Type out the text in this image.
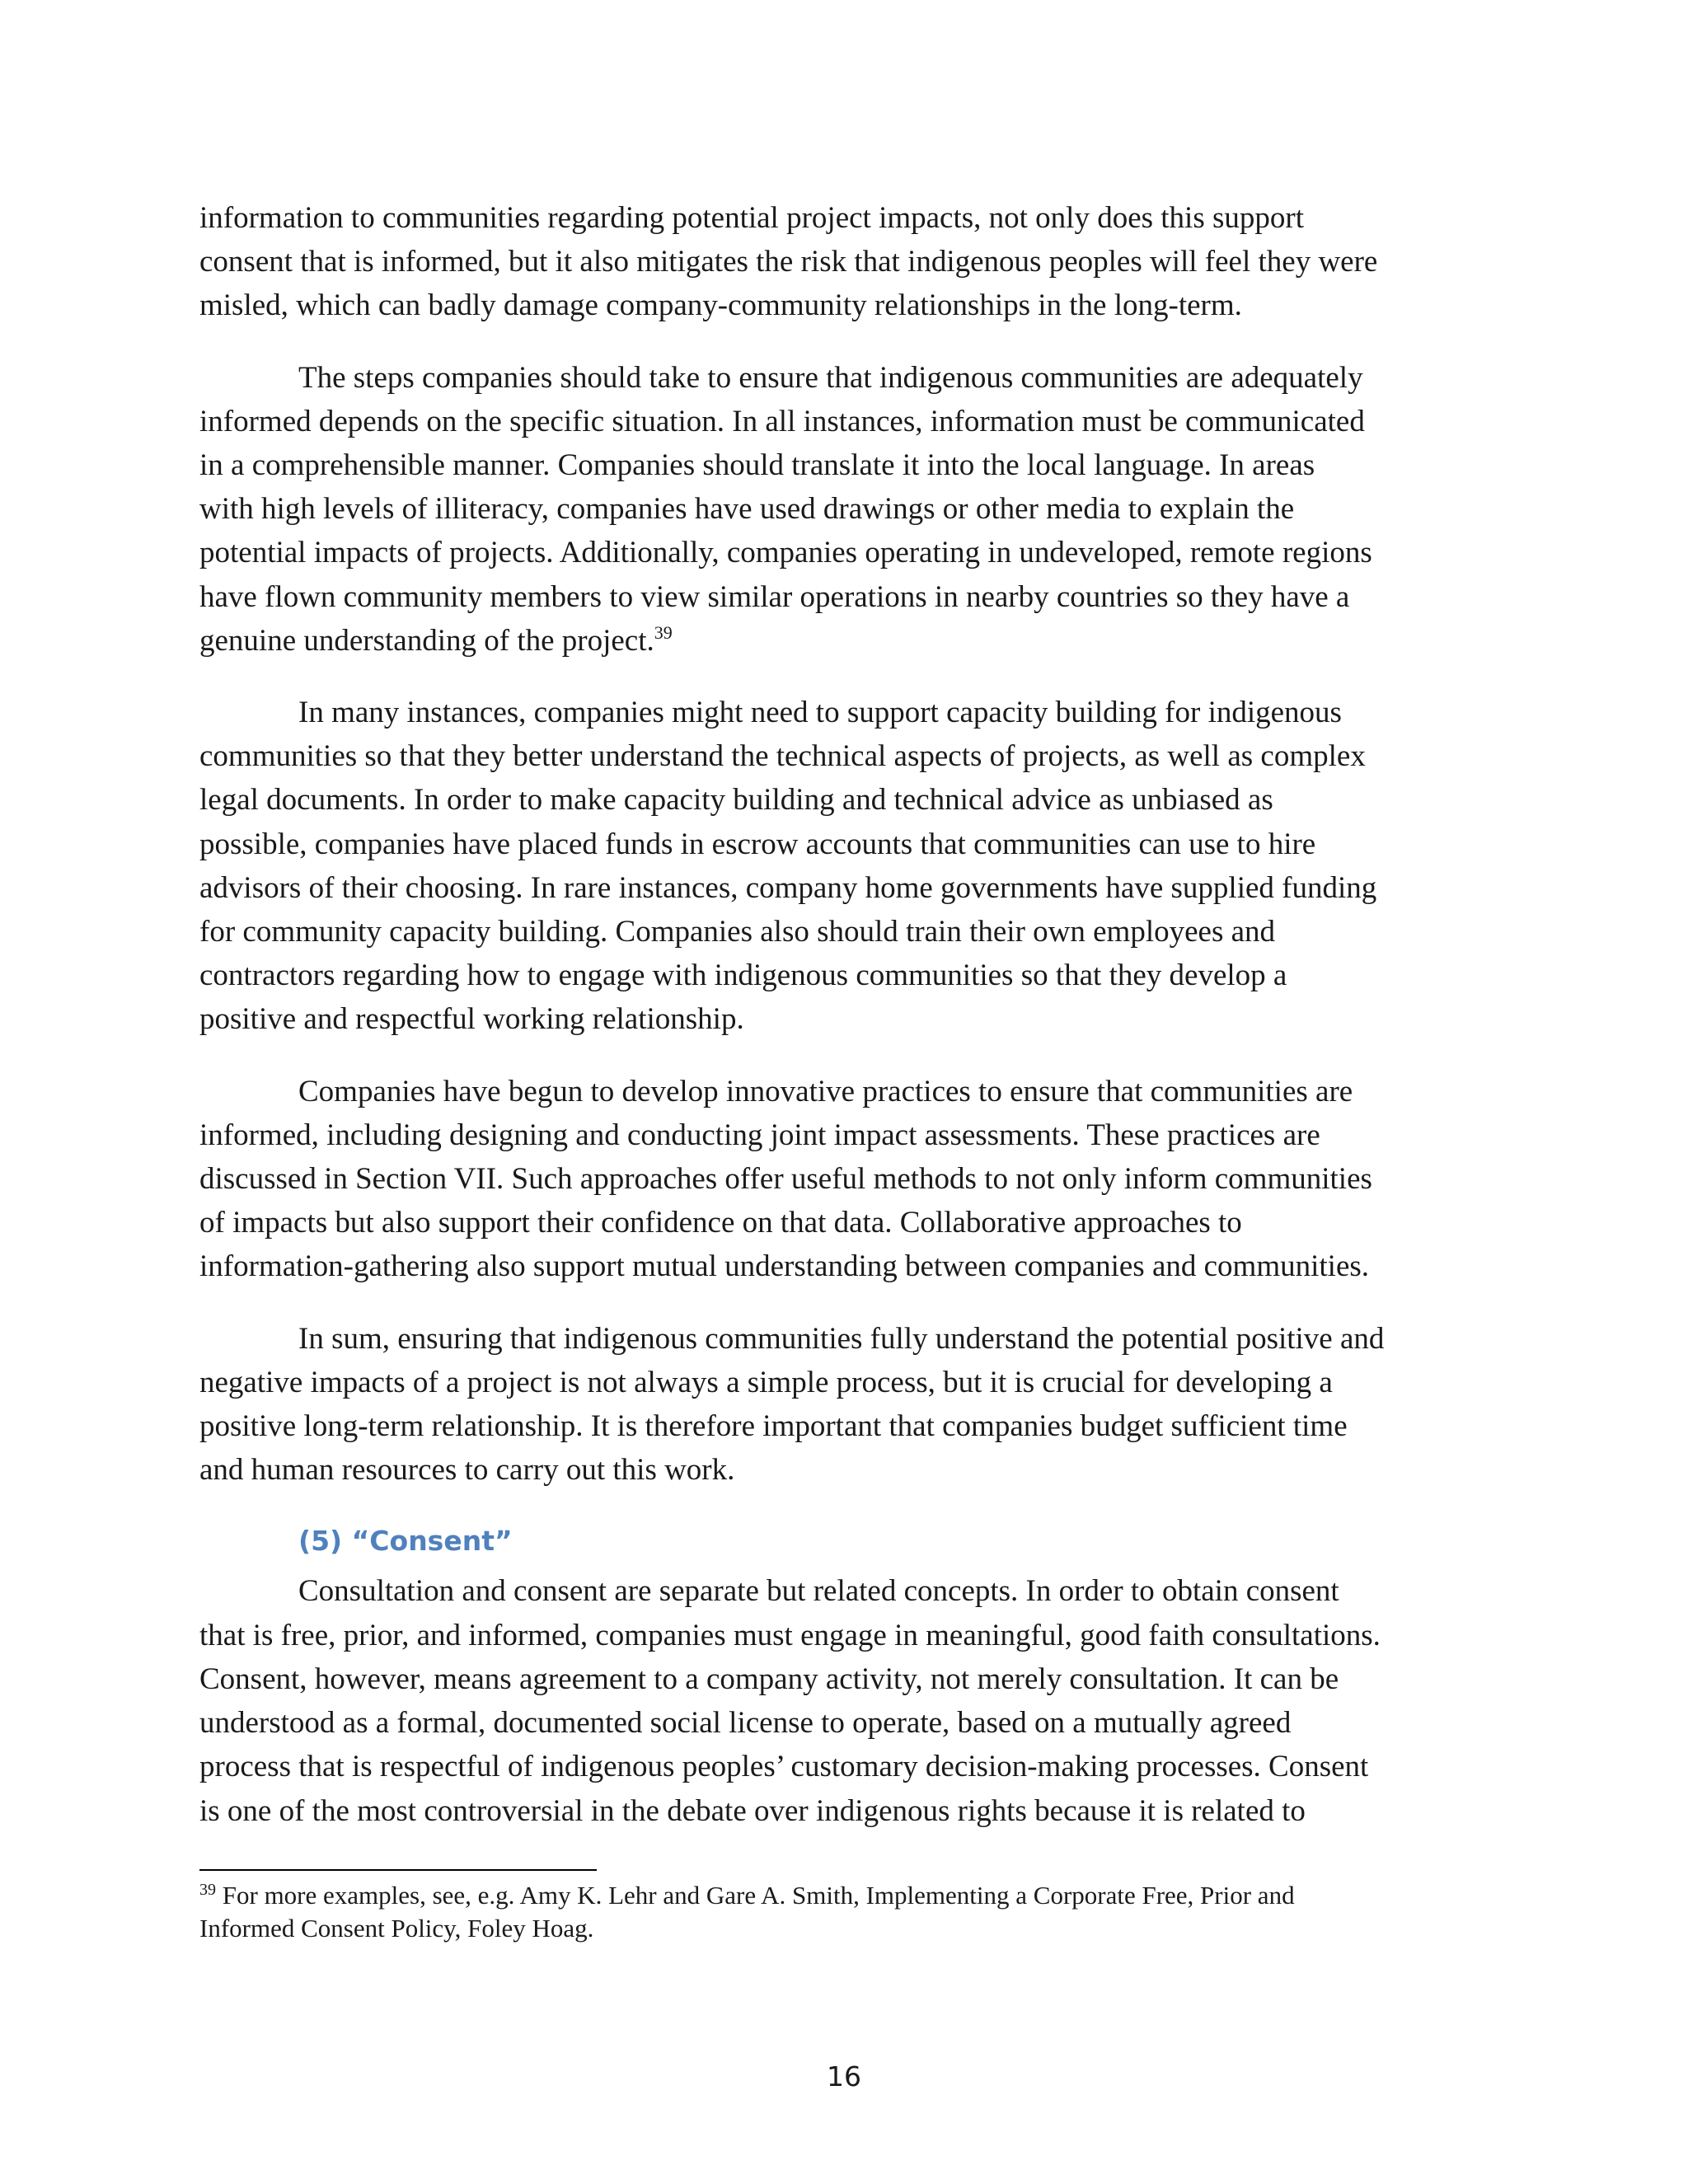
information to communities regarding potential project impacts, not only does this support
consent that is informed, but it also mitigates the risk that indigenous peoples will feel they were
misled, which can badly damage company-community relationships in the long-term.

The steps companies should take to ensure that indigenous communities are adequately
informed depends on the specific situation. In all instances, information must be communicated
in a comprehensible manner. Companies should translate it into the local language. In areas
with high levels of illiteracy, companies have used drawings or other media to explain the
potential impacts of projects. Additionally, companies operating in undeveloped, remote regions
have flown community members to view similar operations in nearby countries so they have a
genuine understanding of the project.$^{39}$

In many instances, companies might need to support capacity building for indigenous
communities so that they better understand the technical aspects of projects, as well as complex
legal documents. In order to make capacity building and technical advice as unbiased as
possible, companies have placed funds in escrow accounts that communities can use to hire
advisors of their choosing. In rare instances, company home governments have supplied funding
for community capacity building. Companies also should train their own employees and
contractors regarding how to engage with indigenous communities so that they develop a
positive and respectful working relationship.

Companies have begun to develop innovative practices to ensure that communities are
informed, including designing and conducting joint impact assessments. These practices are
discussed in Section VII. Such approaches offer useful methods to not only inform communities
of impacts but also support their confidence on that data. Collaborative approaches to
information-gathering also support mutual understanding between companies and communities.

In sum, ensuring that indigenous communities fully understand the potential positive and
negative impacts of a project is not always a simple process, but it is crucial for developing a
positive long-term relationship. It is therefore important that companies budget sufficient time
and human resources to carry out this work.

(5) “Consent”

Consultation and consent are separate but related concepts. In order to obtain consent
that is free, prior, and informed, companies must engage in meaningful, good faith consultations.
Consent, however, means agreement to a company activity, not merely consultation. It can be
understood as a formal, documented social license to operate, based on a mutually agreed
process that is respectful of indigenous peoples’ customary decision-making processes. Consent
is one of the most controversial in the debate over indigenous rights because it is related to

$^{39}$ For more examples, see, e.g. Amy K. Lehr and Gare A. Smith, Implementing a Corporate Free, Prior and
Informed Consent Policy, Foley Hoag.
16
